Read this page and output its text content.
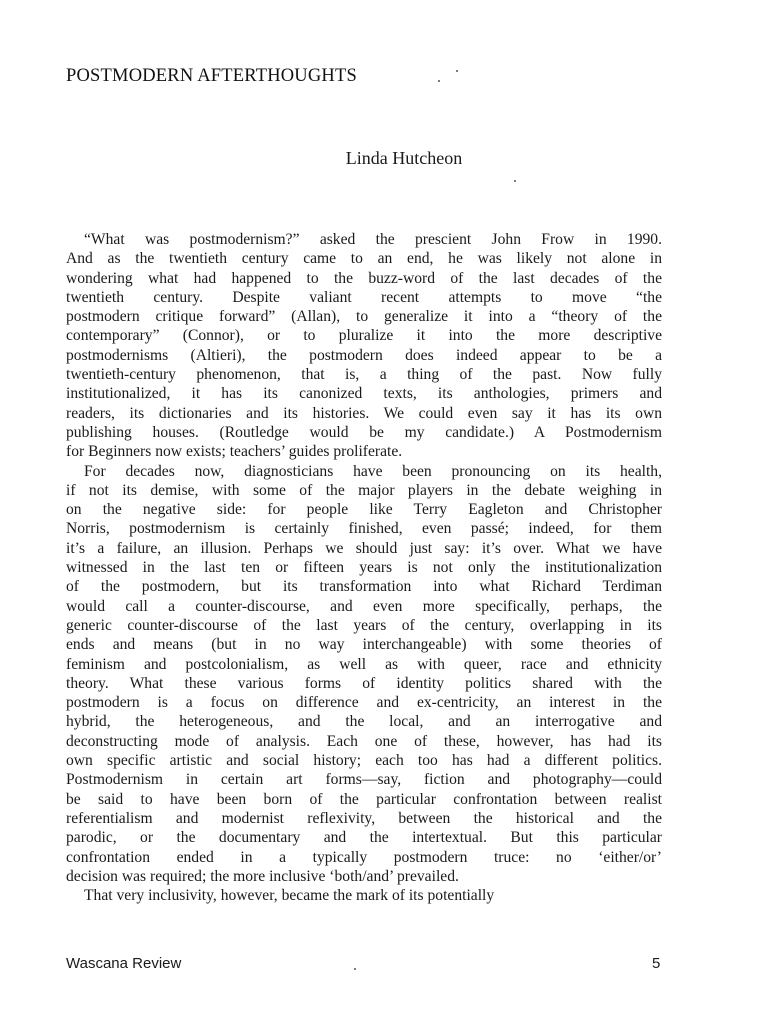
POSTMODERN AFTERTHOUGHTS
Linda Hutcheon
“What was postmodernism?” asked the prescient John Frow in 1990.
And as the twentieth century came to an end, he was likely not alone in
wondering what had happened to the buzz-word of the last decades of the
twentieth century. Despite valiant recent attempts to move “the
postmodern critique forward” (Allan), to generalize it into a “theory of the
contemporary” (Connor), or to pluralize it into the more descriptive
postmodernisms (Altieri), the postmodern does indeed appear to be a
twentieth-century phenomenon, that is, a thing of the past. Now fully
institutionalized, it has its canonized texts, its anthologies, primers and
readers, its dictionaries and its histories. We could even say it has its own
publishing houses. (Routledge would be my candidate.) A Postmodernism
for Beginners now exists; teachers’ guides proliferate.
For decades now, diagnosticians have been pronouncing on its health,
if not its demise, with some of the major players in the debate weighing in
on the negative side: for people like Terry Eagleton and Christopher
Norris, postmodernism is certainly finished, even passé; indeed, for them
it’s a failure, an illusion. Perhaps we should just say: it’s over. What we have
witnessed in the last ten or fifteen years is not only the institutionalization
of the postmodern, but its transformation into what Richard Terdiman
would call a counter-discourse, and even more specifically, perhaps, the
generic counter-discourse of the last years of the century, overlapping in its
ends and means (but in no way interchangeable) with some theories of
feminism and postcolonialism, as well as with queer, race and ethnicity
theory. What these various forms of identity politics shared with the
postmodern is a focus on difference and ex-centricity, an interest in the
hybrid, the heterogeneous, and the local, and an interrogative and
deconstructing mode of analysis. Each one of these, however, has had its
own specific artistic and social history; each too has had a different politics.
Postmodernism in certain art forms—say, fiction and photography—could
be said to have been born of the particular confrontation between realist
referentialism and modernist reflexivity, between the historical and the
parodic, or the documentary and the intertextual. But this particular
confrontation ended in a typically postmodern truce: no ‘either/or’
decision was required; the more inclusive ‘both/and’ prevailed.
That very inclusivity, however, became the mark of its potentially
Wascana Review	5
